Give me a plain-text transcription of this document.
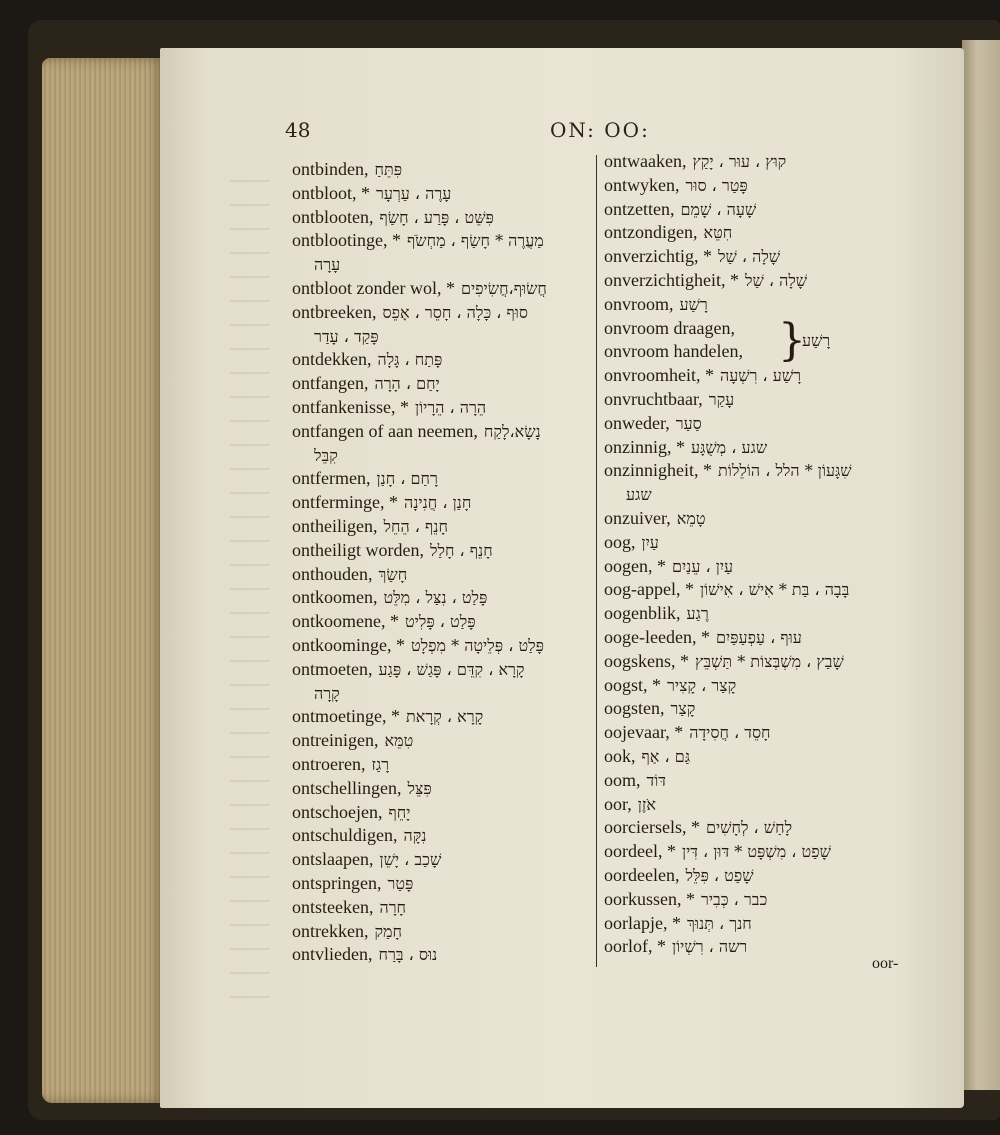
48	ON: OO:
ontbinden, פִּתֵּחַ
ontbloot, * עָרֶה ، עַרְעָר
ontblooten, פִּשֵּׁט ، פָּרַע ، חָשַׂף
ontblootinge, * מַעֲרֶה * חָשַׂף ، מַחְשֹׂף
עָרָה
ontbloot zonder wol, * חֲשׂוּף،חֲשִׂיפִים
ontbreeken, סוּף ، כָּלָה ، חָסֵר ، אָפֵס
פָּקַד ، עָדַר
ontdekken, פָּתַח ، גָּלָה
ontfangen, יָחַם ، הָרָה
ontfankenisse, * הֵרָה ، הֵרָיוֹן
ontfangen of aan neemen, נָשָׂא،לָקַח
קִבֵּל
ontfermen, רָחַם ، חָנַן
ontferminge, * חָנַן ، חֲנִינָה
ontheiligen, חָנֵף ، הֵחֵל
ontheiligt worden, חָנֵף ، חָלַל
onthouden, חָשַׂךְ
ontkoomen, פָּלַט ، נִצַּל ، מִלֵּט
ontkoomene, * פָּלַט ، פָּלִיט
ontkoominge, * פָּלַט ، פְּלֵיטָה * מִפְלָט
ontmoeten, קָרָא ، קִדֵּם ، פָּגַשׁ ، פָּגַע
קָרָה
ontmoetinge, * קָרָא ، קְרָאת
ontreinigen, טִמֵּא
ontroeren, רָגַז
ontschellingen, פִּצֵּל
ontschoejen, יָחֵף
ontschuldigen, נִקָּה
ontslaapen, שָׁכַב ، יָשֵׁן
ontspringen, פָּטַר
ontsteeken, חָרָה
ontrekken, חָמַק
ontvlieden, נוּס ، בָּרַח
ontwaaken, קוּץ ، עוּר ، יָקַץ
ontwyken, פָּטַר ، סוּר
ontzetten, שָׁעָה ، שָׁמֵם
ontzondigen, חִטֵּא
onverzichtig, * שָׁלָה ، שַׁל
onverzichtigheit, * שָׁלָה ، שַׁל
onvroom, רָשַׁע
onvroom draagen, }
רָשַׁע
onvroom handelen,
onvroomheit, * רָשַׁע ، רִשְׁעָה
onvruchtbaar, עָקַר
onweder, סַעַר
onzinnig, * שגע ، מְשֻׁגָּע
onzinnigheit, * שִׁגָּעוֹן * הלל ، הוֹלֵלוֹת
שגע
onzuiver, טָמֵא
oog, עַיִן
oogen, * עַיִן ، עֵנַיִם
oog-appel, * בָּבָה ، בַּת * אִישׁ ، אִישׁוֹן
oogenblik, רֶגַע
ooge-leeden, * עוּף ، עַפְעַפַּיִם
oogskens, * שָׁבַץ ، מִשְׁבְּצוֹת * תַּשְׁבֵּץ
oogst, * קָצַר ، קָצִיר
oogsten, קָצַר
oojevaar, * חָסֵד ، חֲסִידָה
ook, גַּם ، אַף
oom, דּוֹד
oor, אֹזֶן
oorciersels, * לָחַשׁ ، לְחָשִׁים
oordeel, * שָׁפַט ، מִשְׁפָּט * דּוּן ، דִּין
oordeelen, שָׁפַט ، פִּלֵּל
oorkussen, * כבר ، כְּבִיר
oorlapje, * חנך ، תְּנוּךְ
oorlof, * רשה ، רִשְׁיוֹן
oor-
